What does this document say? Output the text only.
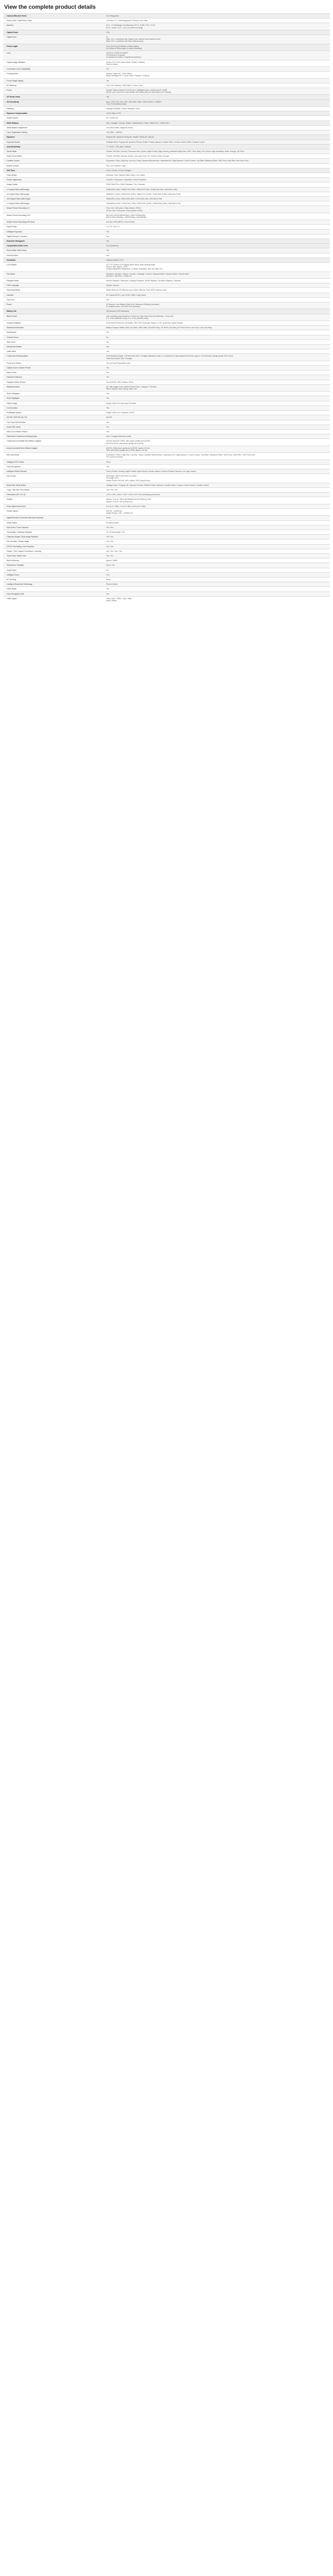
View the complete product details
› Camera Effective Pixels	16.1 Megapixels
› Sensor Size / Total Pixels / Filter	1/2.3-inch 17.1 Total Megapixels / Primary Color Filter
› Aperture	F2.8 - 3.5 Multistage Iris Diaphragm (F2.8 - 8 (W) / F3.5 - 8 (T))
(F2.8 - 8 (W) / F3.5 - 14 (T) in movie recording)
› Optical Zoom	3.9x
› Digital Zoom	4x
(Max. 15.1 x combined with Optical Zoom without Extra Optical Zoom)
(Max. 20.6 x combined with Extra Optical Zoom)
› Focal Length	f=5.1-16.2 mm (24-80mm in 35mm equiv.)
(24-94mm in 35mm equiv. in movie recording)
› Lens	LEICA DC VARIO-ELMARIT
10 elements in 8 groups
(2 Aspherical Lenses / 4 Aspherical surfaces)
› Optical Image Stabilizer	Power O.I.S. (Off / Active Mode / Mode1 / Mode2)
Photo & Movie
› Conversion Lens Compatibility	Yes
› Focusing Area	Normal / Macro AF / Zoom Macro
Macro Intelligent AF / 1-Area / Spot / Pinpoint / Tracking
› Focus Range Display	Yes
› AF Metering	Face / AF Tracking / Multi (23pt) / 1-Area / Spot
› Focus	Normal / Macro Quick AF On/Off (On in Intelligent Auto), Continuous AF On/Off
AF/AE Lock, Touch AF, Touch Shutter, MF Assist (Yes), AF Area Select, AF Tracking
› AF Assist Lamp	Yes
› ISO Sensitivity	Auto / i.ISO / 80 / 100 / 200 / 400 / 800 / 1600 / 3200 / 6400*1 / 12800*1
*1 (In Hi-Sensitivity mode)
› Metering	Intelligent Multiple / Center Weighted / Spot
› Exposure Compensation	1/3 EV Step, ±3 EV
› Shutter Speed	60 - 1/4000 sec
› White Balance	Auto / Daylight / Cloudy / Shade / Incandescent / Flash / White Set 1 / White Set 2
› White Balance Adjustment	Yes (Blue-Amber, Magenta-Green)
› Color Temperature Setting	Yes (2500 - 10000K)
› Exposure	Program AE, Aperture Priority AE, Shutter Priority AE, Manual
› Exposure Modes	Intelligent Auto, Program AE, Aperture-Priority, Shutter-Priority, Manual, Creative Video, Custom, Scene Guide, Creative Control
› Auto Bracketing	+/- 1/3 EV - 3 EV step, 3 frames
› Scene Mode	Portrait, Soft Skin, Scenery, Panorama Shot, Sports, Night Portrait, Night Scenery, Handheld Night Shot, HDR, Food, Baby, Pet, Sunset, High Sensitivity, Glass Through, 3D Photo
› Movie Scene Mode	Portrait, Soft Skin, Scenery, Sports, Low Light, Food, Pet, Sunset, Glass Through
› Creative Control	Expressive, Retro, High Key, Low Key, Sepia, Dynamic Monochrome, Impressive Art, High Dynamic, Cross Process, Toy Effect, Miniature Effect, Soft Focus, Star Filter, One Point Color
› Shutter Volume	Off / Low / Medium / High
› Self Timer	2 sec / 10 sec / 10 sec 3 images
› Color Modes	Standard, Vivid, Natural, B&W, Sepia, Cool, Warm
› Picture Adjustment	Contrast / Sharpness / Saturation / Noise Reduction
› Image Quality	RAW, RAW+Fine, RAW+Standard, Fine, Standard
› 4:3 Aspect Ratio (Still Image)	4608x3456 (16M) / 3648x2736 (10M) / 2560x1920 (5M) / 2048x1536 (3M) / 640x480 (0.3M)
› 3:2 Aspect Ratio (Still Image)	4608x3072 (14M) / 3648x2432 (8.5M) / 2560x1712 (4.5M) / 2048x1360 (2.5M) / 640x424 (0.3M)
› 16:9 Aspect Ratio (Still Image)	4608x2592 (12M) / 3840x2160 (8M) / 1920x1080 (2M) / 640x360 (0.2M)
› 1:1 Aspect Ratio (Still Image)	3456x3456 (12M) / 2736x2736 (7.5M) / 1920x1920 (3.5M) / 1536x1536 (2.5M) / 480x480 (0.2M)
› Motion Picture Recording 4:3	VGA: 640 x 480 pixels, 30fps (Motion JPEG)
QVGA: 320 x 240 pixels, 30 fps (Motion JPEG)
› Motion Picture Recording 16:9	[AVCHD] 1920x1080/60i(30p), 1280x720/60p(30p)
[MP4] 1920x1080/30p, 1280x720/30p, 640x480/30p
› Motion Picture Recording HD Movie	AVCHD / MP4 (MPEG-4 AVC/H.264)
› Aspect Ratio	4:3, 3:2, 16:9, 1:1
› Intelligent Exposure	Yes
› Digital Red-eye Correction	Yes
› Real-time Histograms	Yes
› Composition Guide Lines	Yes (3 patterns)
› Scene Mode Help Screen	Yes
› External Flash	Yes
› Viewfinder	Optional (DMW-LVF1)
› LCD Monitor	3.0" TFT Screen LCD Display (460K dots), Wide Viewing Angle
Field of view: approx. 100%
Monitor Adjustment: Brightness, Contrast, Saturation, Red Tint, Blue Tint
› Film Mode	Standard / Dynamic / Nature / Smooth / Nostalgic / Vibrant / Standard B&W / Dynamic B&W / Smooth B&W
My Film 1 / My Film 2 / Multi Film
› Playback Mode	Normal Playback, Slideshow, Category Playback, Mode Playback, Favorites Playback, Calendar
› OSD Language	English, Spanish
› Recording Media	Built-in Memory, SD Memory Card, SDHC Memory Card, SDXC Memory Card
› Interface	AV Output (NTSC), mini HDMI, USB2.0 High speed
› Face Link	Yes
› Power	ID-Security Li-ion Battery Pack (3.6V, Minimum 1250mAh) (Included)
AC Adaptor (Input: 110-240V AC) (Included)
› Battery Life	400 pictures (CIPA Standard)
› Built-in Flash	Auto, Auto/Red-eye Reduction, Forced On, Slow Sync./Red-eye Reduction, Forced Off
0.3 - 6.3m (Wide/ISO Auto), 0.3 - 5.1m (Tele/ISO Auto)
› Included Software	PHOTOfunSTUDIO 8.3 HD Edition, SILKYPIX Developer Studio 3.1 SE, QuickTime, Adobe Reader
› Standard Accessories	Battery Charger, Battery Pack, AV Cable, USB Cable, Shoulder Strap, CD-ROM, Lens Ring, Hot Shoe Cover, Lens Cap, Lens Cap String
› Multi Aspect	Yes
› 3-Speed Zoom	No
› Step Zoom	Yes
› Mechanical Shutter	Yes
› Quick Menu	Yes
› Continuous Shooting Mode	Full-Resolution Image, 2.5 frames/sec Max. 5 images (Standard mode), 11 frames/sec in High-speed Burst Mode, approx. 40 frames/sec (Image quality: 5M or less)
Flash Burst Mode: Max. 5 images
› Focus Icon Select	Yes (w/ Face Recognition only)
› Optical Zoom in Motion Picture	Yes
› Macro Zoom	Yes
› Distortion Detection	Yes
› Playback Motion Picture	Yes (AVCHD / MP4 / Motion JPEG)
› Slideshow Mode	All / Still Images Only / Motion Picture Only / Category / Favorites
Effect: Natural, Slow, Swing, Urban, Off
› Show Histogram	Yes
› Show Highlights	Yes
› Delete Image	Single / Multi / All / All except Favorites
› Cut Animation	Yes
› PictBridge Support	Single / Multi / All / Favorites / DPOF
› AVCHD / AVCHD Lite / MJ	AVCHD
› One Touch Movie Button	Yes
› Movie REC Mode	Yes
› Wind Cut in Motion Picture	Yes
› Flash Burst Continuous Shooting Mode	Max. 5 images (Standard mode)
› Continuous recordable time (Motion Images)	AVCHD (AVCHD / MP4): with picture quality set to [FSH]
MOTION JPEG: with picture quality set to [VGA]
› Actual recordable time (Motion Images)	AVCHD: with picture quality set to [FSH], approx. 60 min
MP4: with picture quality set to [FHD], approx. 60 min
› Mic Color Mode	Expressive / Retro / High Key / Low Key / Sepia / Dynamic Monochrome / Impressive Art / High Dynamic / Cross Process / Toy Effect / Miniature Effect / Soft Focus / Star Filter / One Point Color
*For movie recording
› Intelligent ISO Control	Photo
› Face Recognition	Yes
› Intelligent Scene Selector	Photo (Portrait, Scenery, Night Portrait, Night Scenery, Sunset, Macro) & Movie (Portrait, Scenery, Low Light, Macro)
› File Format	Still Image: JPEG (DCF/Exif 2.3), RAW
3D image: MPO
Motion Picture: AVCHD, MP4, Motion JPEG (QuickTime)
› Mode Dial / Mode Button	Intelligent Auto / Program AE / Aperture Priority / Shutter Priority / Manual / Creative Video / Custom / Scene Guide / Creative Control
› Copy / Title Edit / Text Stamp	Yes / Yes / Yes
› Dimensions (W x H x D)	4.32 x 2.59 x 1.86 in / 109.7 x 65.5 x 46.7 mm (excluding protrusions)
› Weight	Approx. 11.5 oz / 328 g with Battery and SD Memory Card
Approx. 10.8 oz / 307 g Body only
› Extra Optical Zoom (EZ)	5.1x (4:3 / 10M), 7.1x (4:3 / 5M), 13.8x (4:3 / 0.3M)
› Shutter Speed	Still: 60 - 1/4000 sec
Motion Picture: 1/30 - 1/20000 sec
› Digital Red-Eye Correction (Red-Eye Removal)	Photo
› Mode Switch	[Position] button
› Auto Zoom / Zoom Resume	Yes / Yes
› Thumbnails / Calendar Playback	12 / 30 thumbnails / Yes
› Calendar Display / Dual Image Playback	Yes / Yes
› Set Favorites / Rotate Image	Yes / Yes
› DPOF Print Setting / Set Protection	Yes / Yes
› Resize / Trim / Aspect Conversion / Leveling	Yes / Yes / Yes / Yes
› Travel Date / World Time	Yes / Yes
› Built-in Memory	Approx. 40MB
› Microphone / Speaker	Mono / Yes
› Touch Panel	No
› Intelligent Zoom	5.9x
› AF Tracking	Photo
› Intelligent Resolution Technology	Photo & Movie
› Video Divide	Yes
› Face Recognition Edit	Yes
› HDMI output	Video: Auto / 1080i / 720p / 480p
Audio: Stereo
